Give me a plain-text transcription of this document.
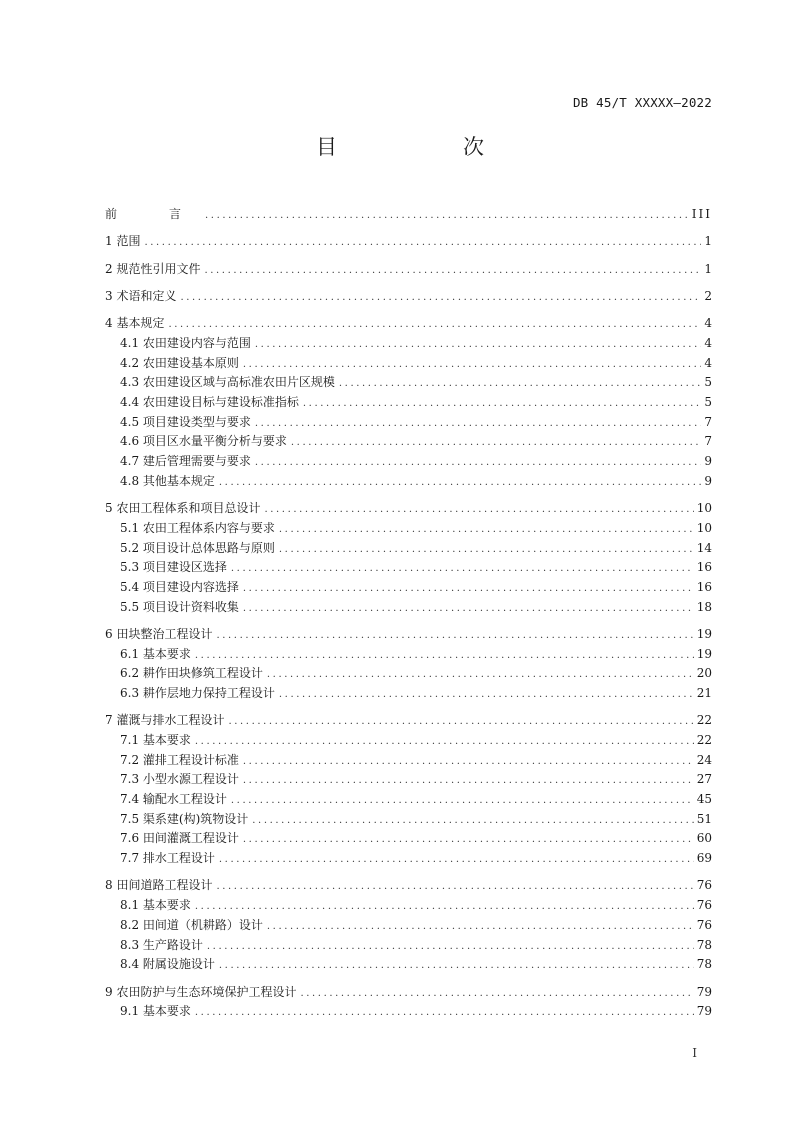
DB 45/T XXXXX—2022
目　　次
前　言 .....	III
1 范围 .....	1
2 规范性引用文件 .....	1
3 术语和定义 .....	2
4 基本规定 .....	4
4.1 农田建设内容与范围 .....	4
4.2 农田建设基本原则 .....	4
4.3 农田建设区域与高标准农田片区规模 .....	5
4.4 农田建设目标与建设标准指标 .....	5
4.5 项目建设类型与要求 .....	7
4.6 项目区水量平衡分析与要求 .....	7
4.7 建后管理需要与要求 .....	9
4.8 其他基本规定 .....	9
5 农田工程体系和项目总设计 .....	10
5.1 农田工程体系内容与要求 .....	10
5.2 项目设计总体思路与原则 .....	14
5.3 项目建设区选择 .....	16
5.4 项目建设内容选择 .....	16
5.5 项目设计资料收集 .....	18
6 田块整治工程设计 .....	19
6.1 基本要求 .....	19
6.2 耕作田块修筑工程设计 .....	20
6.3 耕作层地力保持工程设计 .....	21
7 灌溉与排水工程设计 .....	22
7.1 基本要求 .....	22
7.2 灌排工程设计标准 .....	24
7.3 小型水源工程设计 .....	27
7.4 输配水工程设计 .....	45
7.5 渠系建(构)筑物设计 .....	51
7.6 田间灌溉工程设计 .....	60
7.7 排水工程设计 .....	69
8 田间道路工程设计 .....	76
8.1 基本要求 .....	76
8.2 田间道（机耕路）设计 .....	76
8.3 生产路设计 .....	78
8.4 附属设施设计 .....	78
9 农田防护与生态环境保护工程设计 .....	79
9.1 基本要求 .....	79
I
